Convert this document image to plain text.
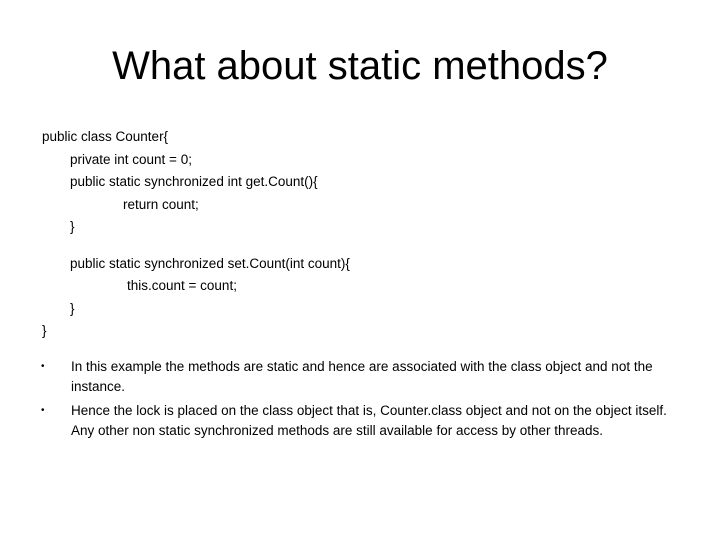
What about static methods?
public class Counter{
private int count = 0;
public static synchronized int get.Count(){
return count;
}
public static synchronized set.Count(int count){
this.count = count;
}
}
• In this example the methods are static and hence are associated with the class object and not the instance.
• Hence the lock is placed on the class object that is, Counter.class object and not on the object itself. Any other non static synchronized methods are still available for access by other threads.
